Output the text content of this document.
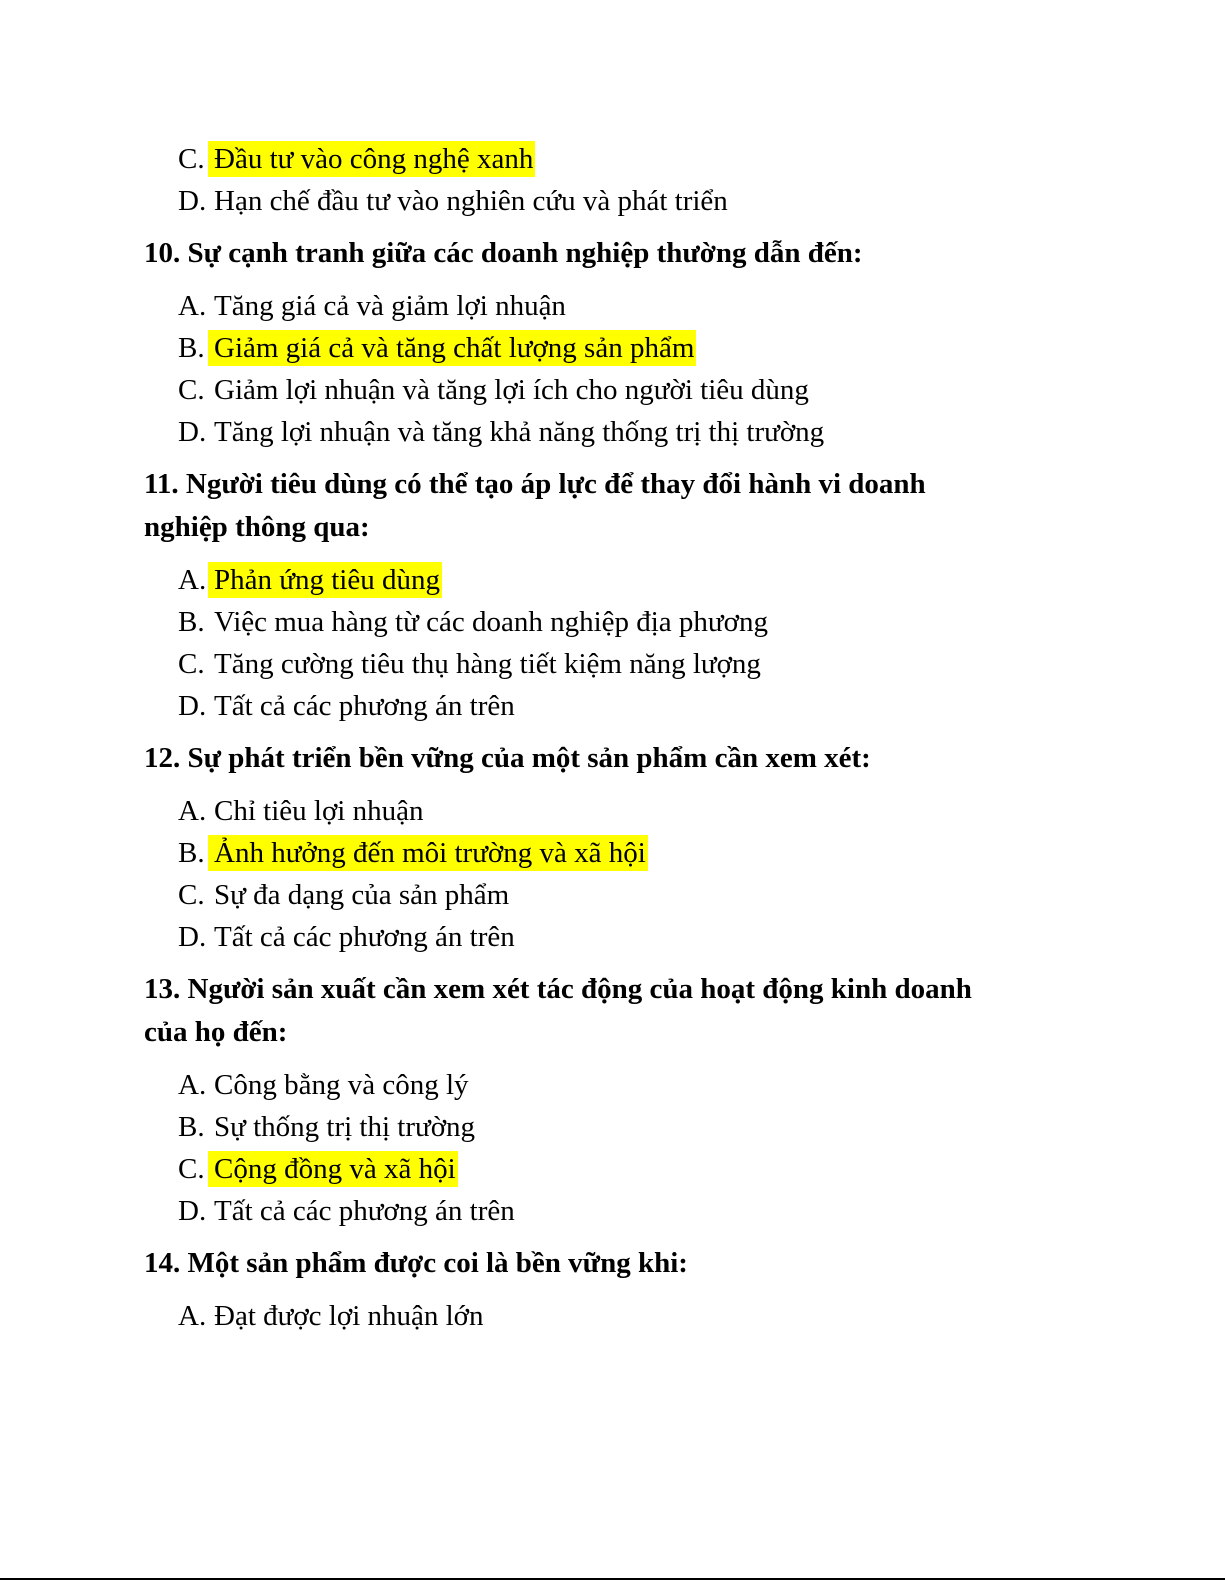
C. Đầu tư vào công nghệ xanh
D. Hạn chế đầu tư vào nghiên cứu và phát triển
10. Sự cạnh tranh giữa các doanh nghiệp thường dẫn đến:
A. Tăng giá cả và giảm lợi nhuận
B. Giảm giá cả và tăng chất lượng sản phẩm
C. Giảm lợi nhuận và tăng lợi ích cho người tiêu dùng
D. Tăng lợi nhuận và tăng khả năng thống trị thị trường
11. Người tiêu dùng có thể tạo áp lực để thay đổi hành vi doanh
nghiệp thông qua:
A. Phản ứng tiêu dùng
B. Việc mua hàng từ các doanh nghiệp địa phương
C. Tăng cường tiêu thụ hàng tiết kiệm năng lượng
D. Tất cả các phương án trên
12. Sự phát triển bền vững của một sản phẩm cần xem xét:
A. Chỉ tiêu lợi nhuận
B. Ảnh hưởng đến môi trường và xã hội
C. Sự đa dạng của sản phẩm
D. Tất cả các phương án trên
13. Người sản xuất cần xem xét tác động của hoạt động kinh doanh
của họ đến:
A. Công bằng và công lý
B. Sự thống trị thị trường
C. Cộng đồng và xã hội
D. Tất cả các phương án trên
14. Một sản phẩm được coi là bền vững khi:
A. Đạt được lợi nhuận lớn
